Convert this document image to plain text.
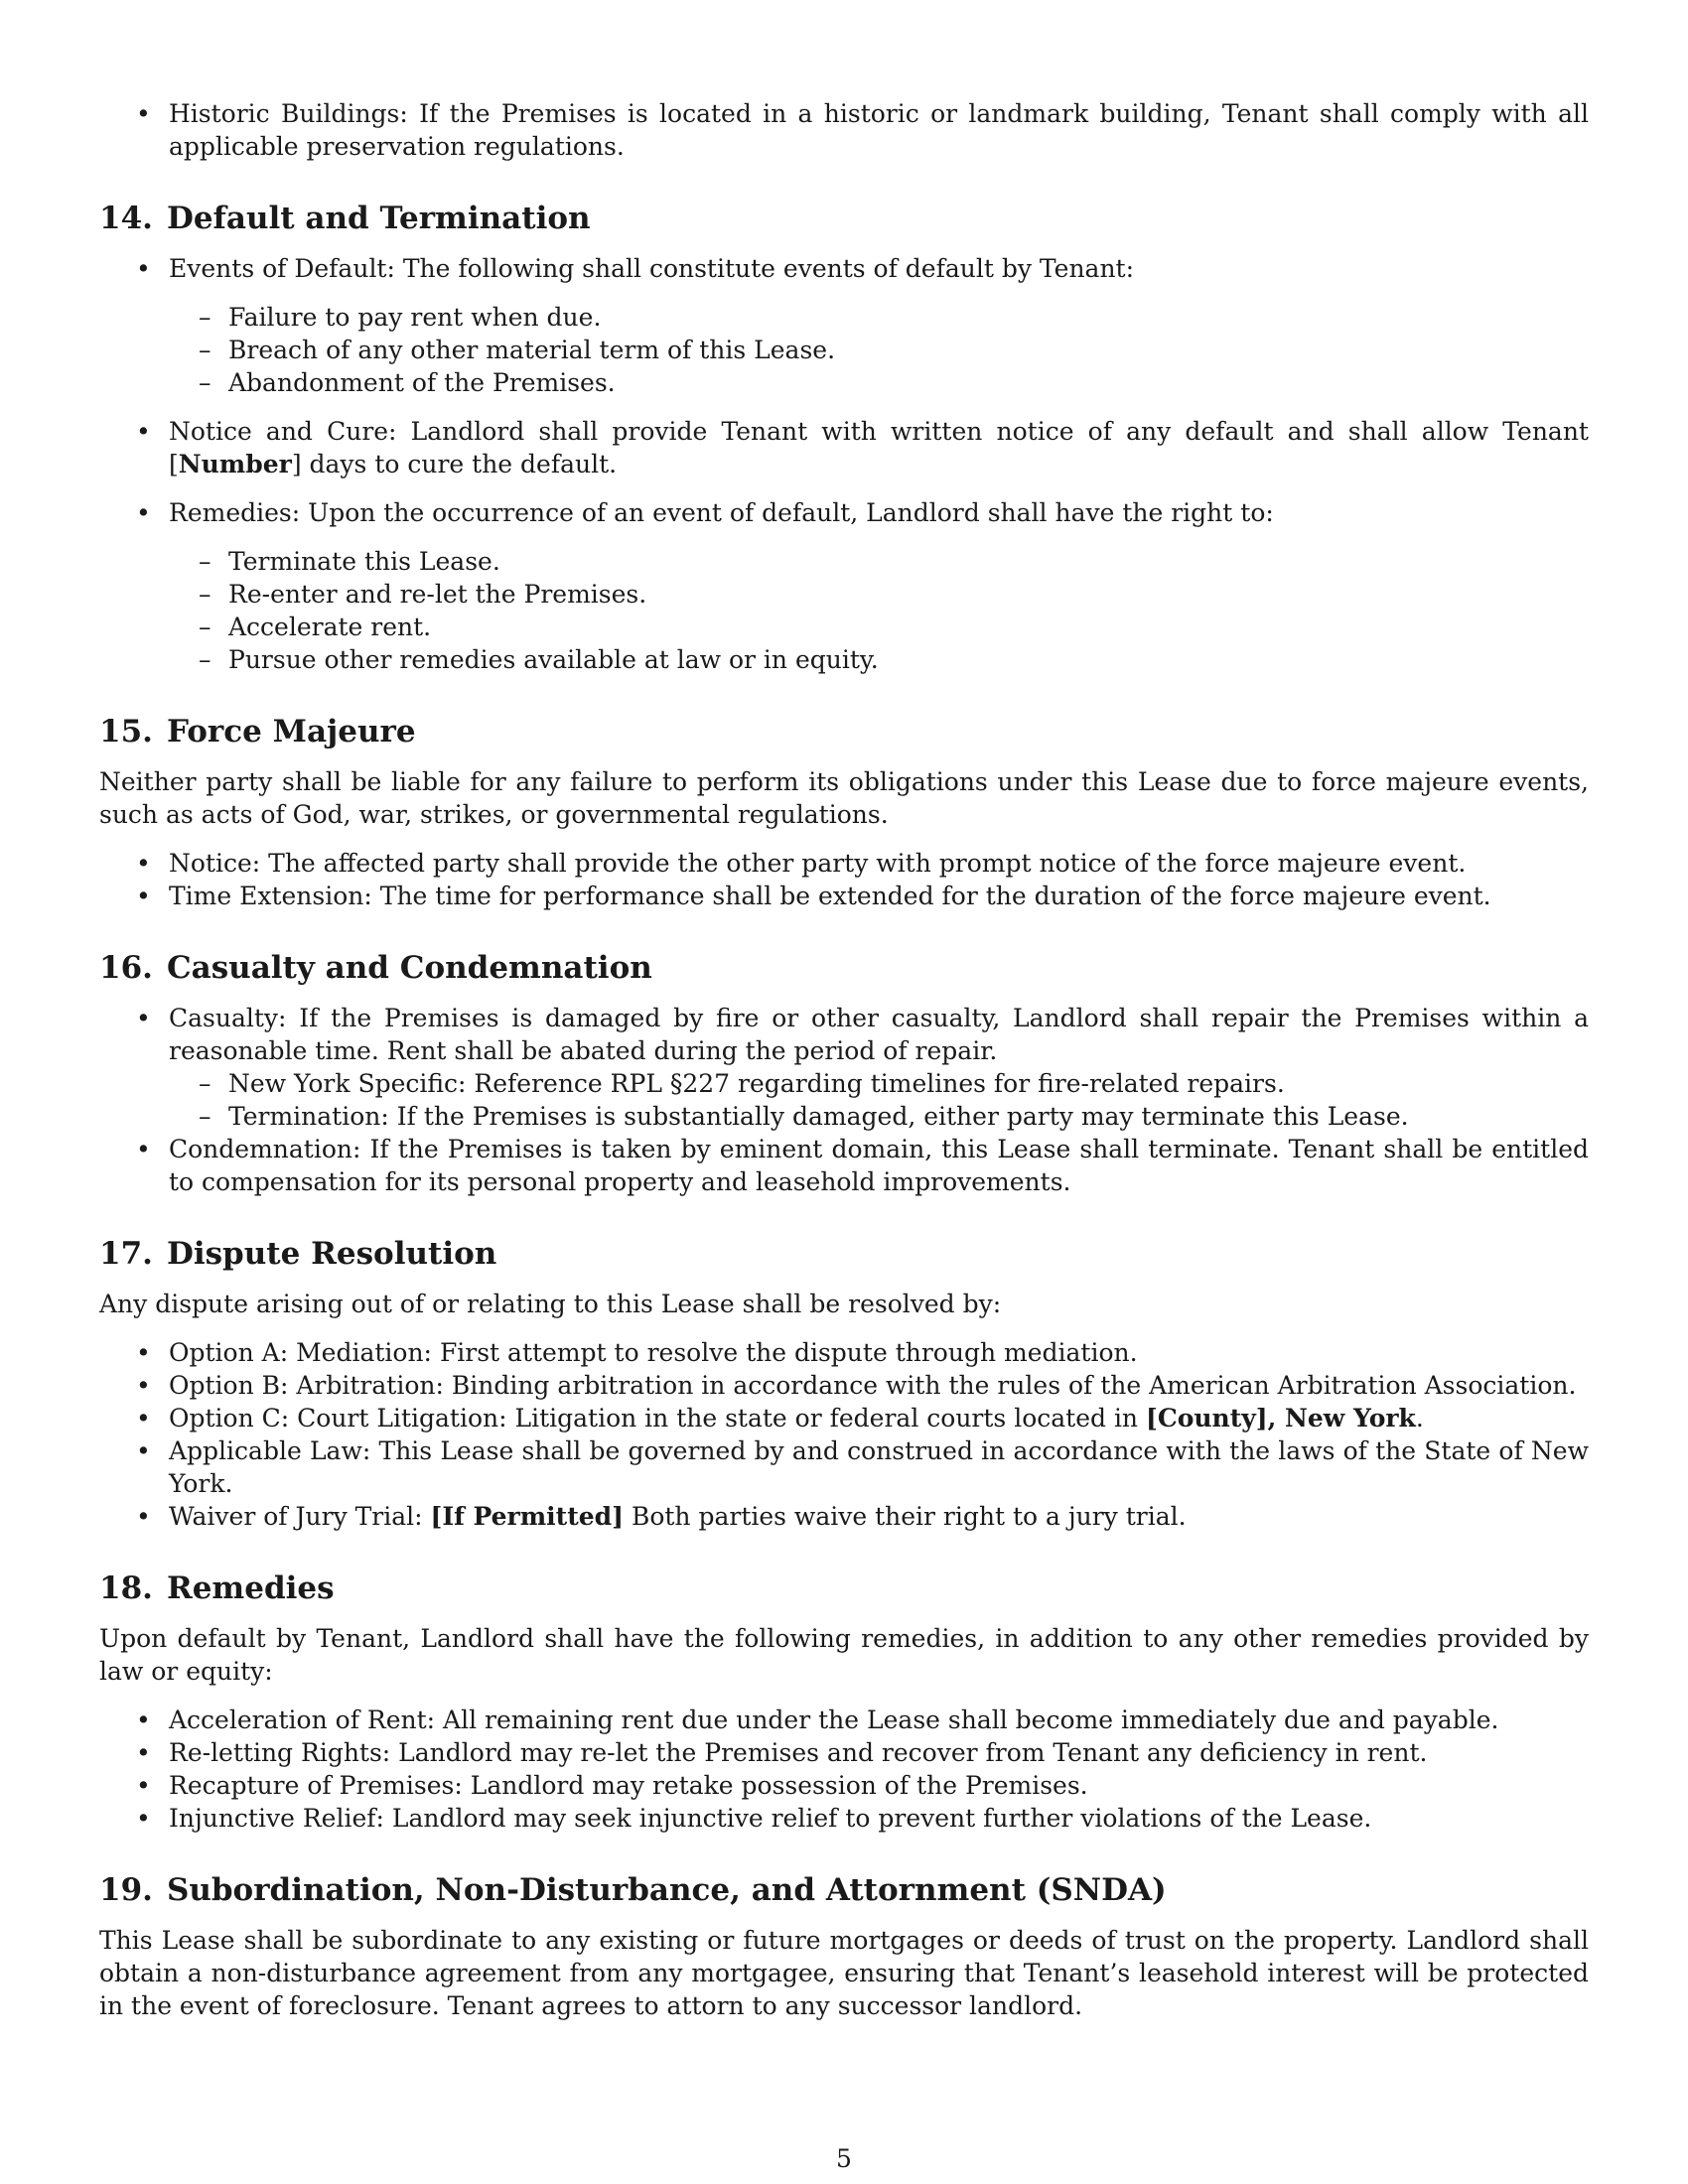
• Historic Buildings: If the Premises is located in a historic or landmark building, Tenant shall comply with all applicable preservation regulations.
14. Default and Termination
• Events of Default: The following shall constitute events of default by Tenant:
– Failure to pay rent when due.
– Breach of any other material term of this Lease.
– Abandonment of the Premises.
• Notice and Cure: Landlord shall provide Tenant with written notice of any default and shall allow Tenant [Number] days to cure the default.
• Remedies: Upon the occurrence of an event of default, Landlord shall have the right to:
– Terminate this Lease.
– Re-enter and re-let the Premises.
– Accelerate rent.
– Pursue other remedies available at law or in equity.
15. Force Majeure

Neither party shall be liable for any failure to perform its obligations under this Lease due to force majeure events, such as acts of God, war, strikes, or governmental regulations.

• Notice: The affected party shall provide the other party with prompt notice of the force majeure event.
• Time Extension: The time for performance shall be extended for the duration of the force majeure event.
16. Casualty and Condemnation
• Casualty: If the Premises is damaged by fire or other casualty, Landlord shall repair the Premises within a reasonable time. Rent shall be abated during the period of repair.
– New York Specific: Reference RPL §227 regarding timelines for fire-related repairs.
– Termination: If the Premises is substantially damaged, either party may terminate this Lease.
• Condemnation: If the Premises is taken by eminent domain, this Lease shall terminate. Tenant shall be entitled to compensation for its personal property and leasehold improvements.
17. Dispute Resolution

Any dispute arising out of or relating to this Lease shall be resolved by:

• Option A: Mediation: First attempt to resolve the dispute through mediation.
• Option B: Arbitration: Binding arbitration in accordance with the rules of the American Arbitration Association.
• Option C: Court Litigation: Litigation in the state or federal courts located in [County], New York.
• Applicable Law: This Lease shall be governed by and construed in accordance with the laws of the State of New York.
• Waiver of Jury Trial: [If Permitted] Both parties waive their right to a jury trial.
18. Remedies

Upon default by Tenant, Landlord shall have the following remedies, in addition to any other remedies provided by law or equity:

• Acceleration of Rent: All remaining rent due under the Lease shall become immediately due and payable.
• Re-letting Rights: Landlord may re-let the Premises and recover from Tenant any deficiency in rent.
• Recapture of Premises: Landlord may retake possession of the Premises.
• Injunctive Relief: Landlord may seek injunctive relief to prevent further violations of the Lease.
19. Subordination, Non-Disturbance, and Attornment (SNDA)

This Lease shall be subordinate to any existing or future mortgages or deeds of trust on the property. Landlord shall obtain a non-disturbance agreement from any mortgagee, ensuring that Tenant’s leasehold interest will be protected in the event of foreclosure. Tenant agrees to attorn to any successor landlord.

5
